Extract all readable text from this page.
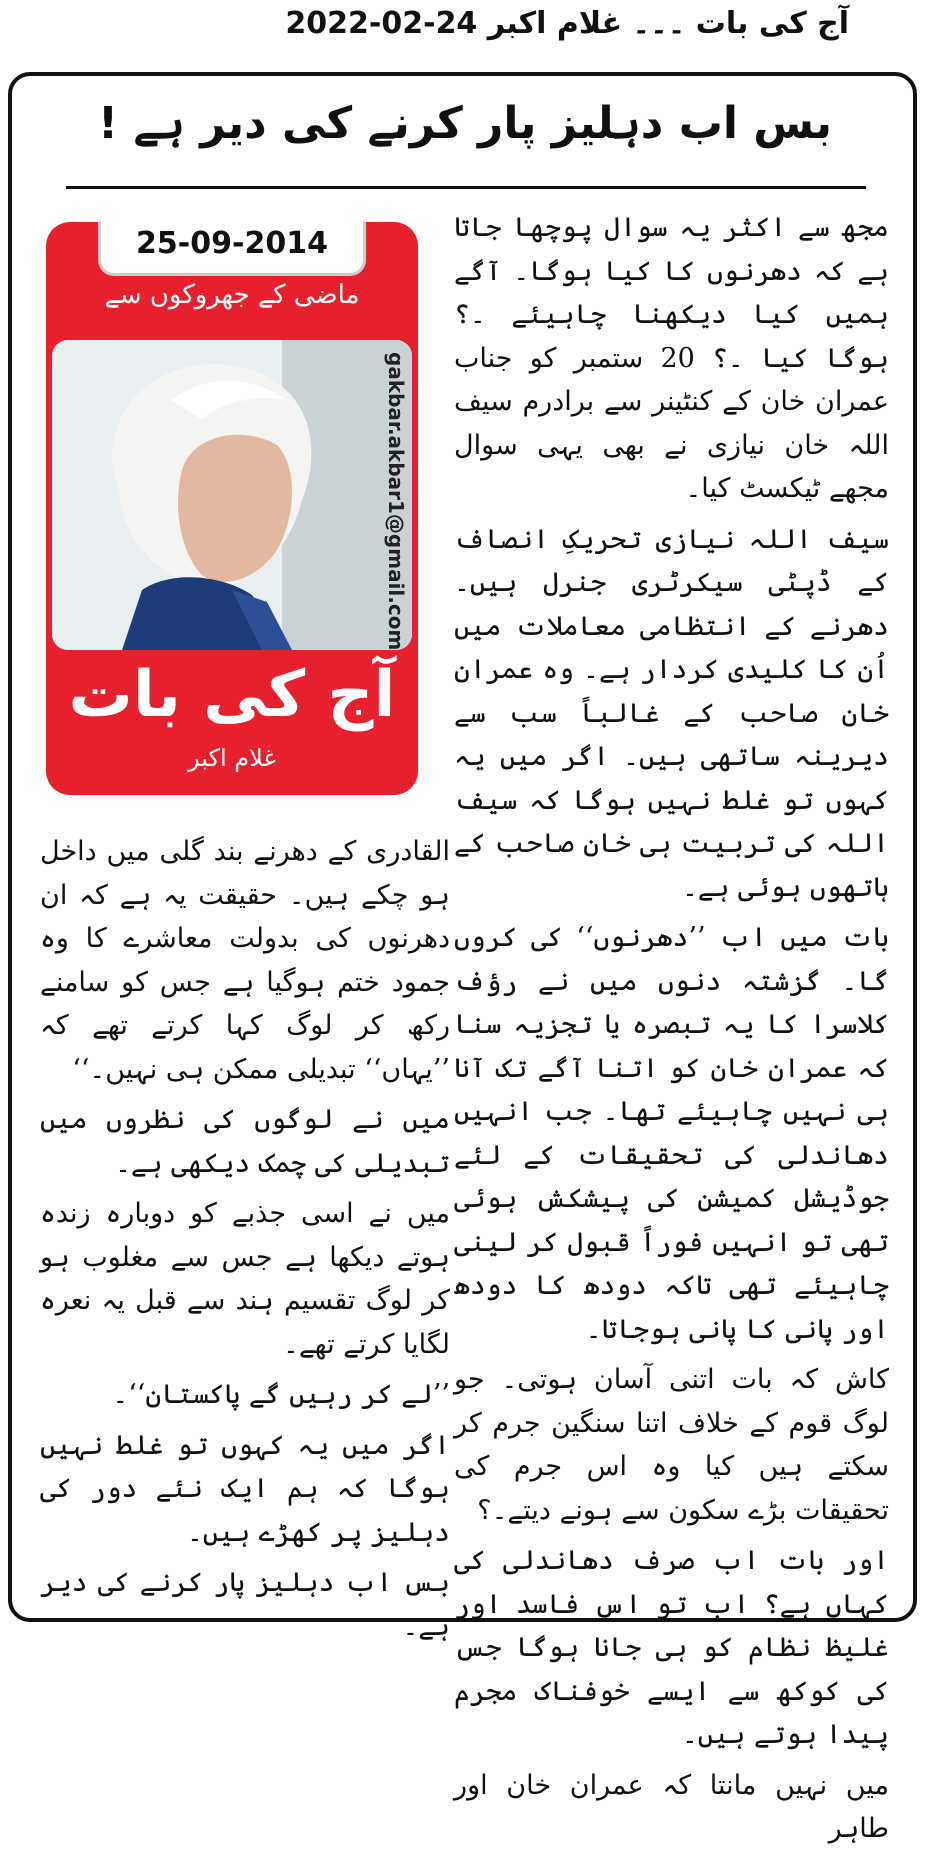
آج کی بات ۔۔۔ غلام اکبر 24-02-2022
بس اب دہلیز پار کرنے کی دیر ہے !
25-09-2014
ماضی کے جھروکوں سے
gakbar.akbar1@gmail.com
آج کی بات
غلام اکبر

مجھ سے اکثر یہ سوال پوچھا جاتا ہے کہ دھرنوں کا کیا ہوگا۔ آگے ہمیں کیا دیکھنا چاہیئے ۔؟ ہوگا کیا ۔؟ 20 ستمبر کو جناب عمران خان کے کنٹینر سے برادرم سیف اللہ خان نیازی نے بھی یہی سوال مجھے ٹیکسٹ کیا۔

سیف اللہ نیازی تحریکِ انصاف کے ڈپٹی سیکرٹری جنرل ہیں۔ دھرنے کے انتظامی معاملات میں اُن کا کلیدی کردار ہے۔ وہ عمران خان صاحب کے غالباً سب سے دیرینہ ساتھی ہیں۔ اگر میں یہ کہوں تو غلط نہیں ہوگا کہ سیف اللہ کی تربیت ہی خان صاحب کے ہاتھوں ہوئی ہے۔

بات میں اب ’’دھرنوں‘‘ کی کروں گا۔ گزشتہ دنوں میں نے رؤف کلاسرا کا یہ تبصرہ یا تجزیہ سنا کہ عمران خان کو اتنا آگے تک آنا ہی نہیں چاہیئے تھا۔ جب انہیں دھاندلی کی تحقیقات کے لئے جوڈیشل کمیشن کی پیشکش ہوئی تھی تو انہیں فوراً قبول کر لینی چاہیئے تھی تاکہ دودھ کا دودھ اور پانی کا پانی ہوجاتا۔

کاش کہ بات اتنی آسان ہوتی۔ جو لوگ قوم کے خلاف اتنا سنگین جرم کر سکتے ہیں کیا وہ اس جرم کی تحقیقات بڑے سکون سے ہونے دیتے۔؟

اور بات اب صرف دھاندلی کی کہاں ہے؟ اب تو اس فاسد اور غلیظ نظام کو ہی جانا ہوگا جس کی کوکھ سے ایسے خوفناک مجرم پیدا ہوتے ہیں۔

میں نہیں مانتا کہ عمران خان اور طاہر

القادری کے دھرنے بند گلی میں داخل ہو چکے ہیں۔ حقیقت یہ ہے کہ ان دھرنوں کی بدولت معاشرے کا وہ جمود ختم ہوگیا ہے جس کو سامنے رکھ کر لوگ کہا کرتے تھے کہ ’’یہاں‘‘ تبدیلی ممکن ہی نہیں۔‘‘

میں نے لوگوں کی نظروں میں تبدیلی کی چمک دیکھی ہے۔

میں نے اسی جذبے کو دوبارہ زندہ ہوتے دیکھا ہے جس سے مغلوب ہو کر لوگ تقسیم ہند سے قبل یہ نعرہ لگایا کرتے تھے۔

’’لے کر رہیں گے پاکستان‘‘۔

اگر میں یہ کہوں تو غلط نہیں ہوگا کہ ہم ایک نئے دور کی دہلیز پر کھڑے ہیں۔

بس اب دہلیز پار کرنے کی دیر ہے۔
